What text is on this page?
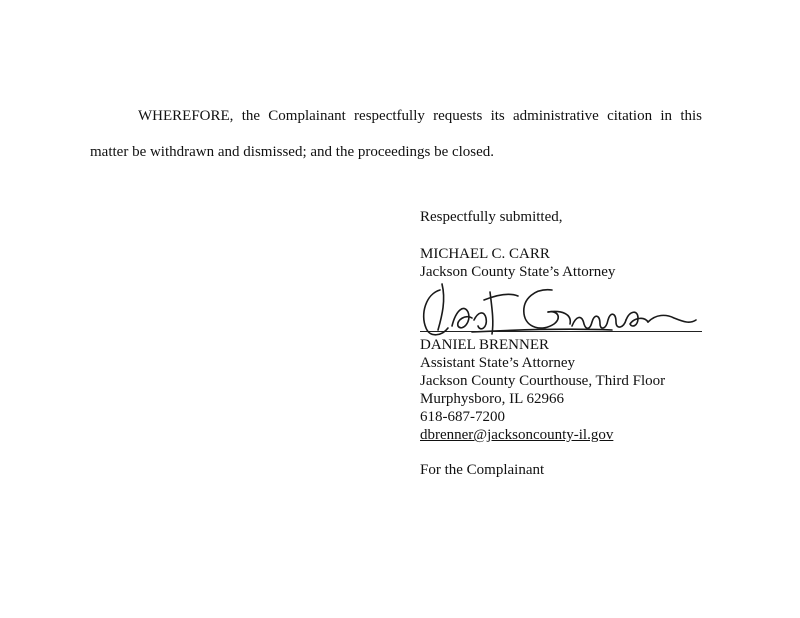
WHEREFORE, the Complainant respectfully requests its administrative citation in this matter be withdrawn and dismissed; and the proceedings be closed.

Respectfully submitted,

MICHAEL C. CARR

Jackson County State’s Attorney

DANIEL BRENNER

Assistant State’s Attorney

Jackson County Courthouse, Third Floor

Murphysboro, IL 62966

618-687-7200

dbrenner@jacksoncounty-il.gov

For the Complainant
